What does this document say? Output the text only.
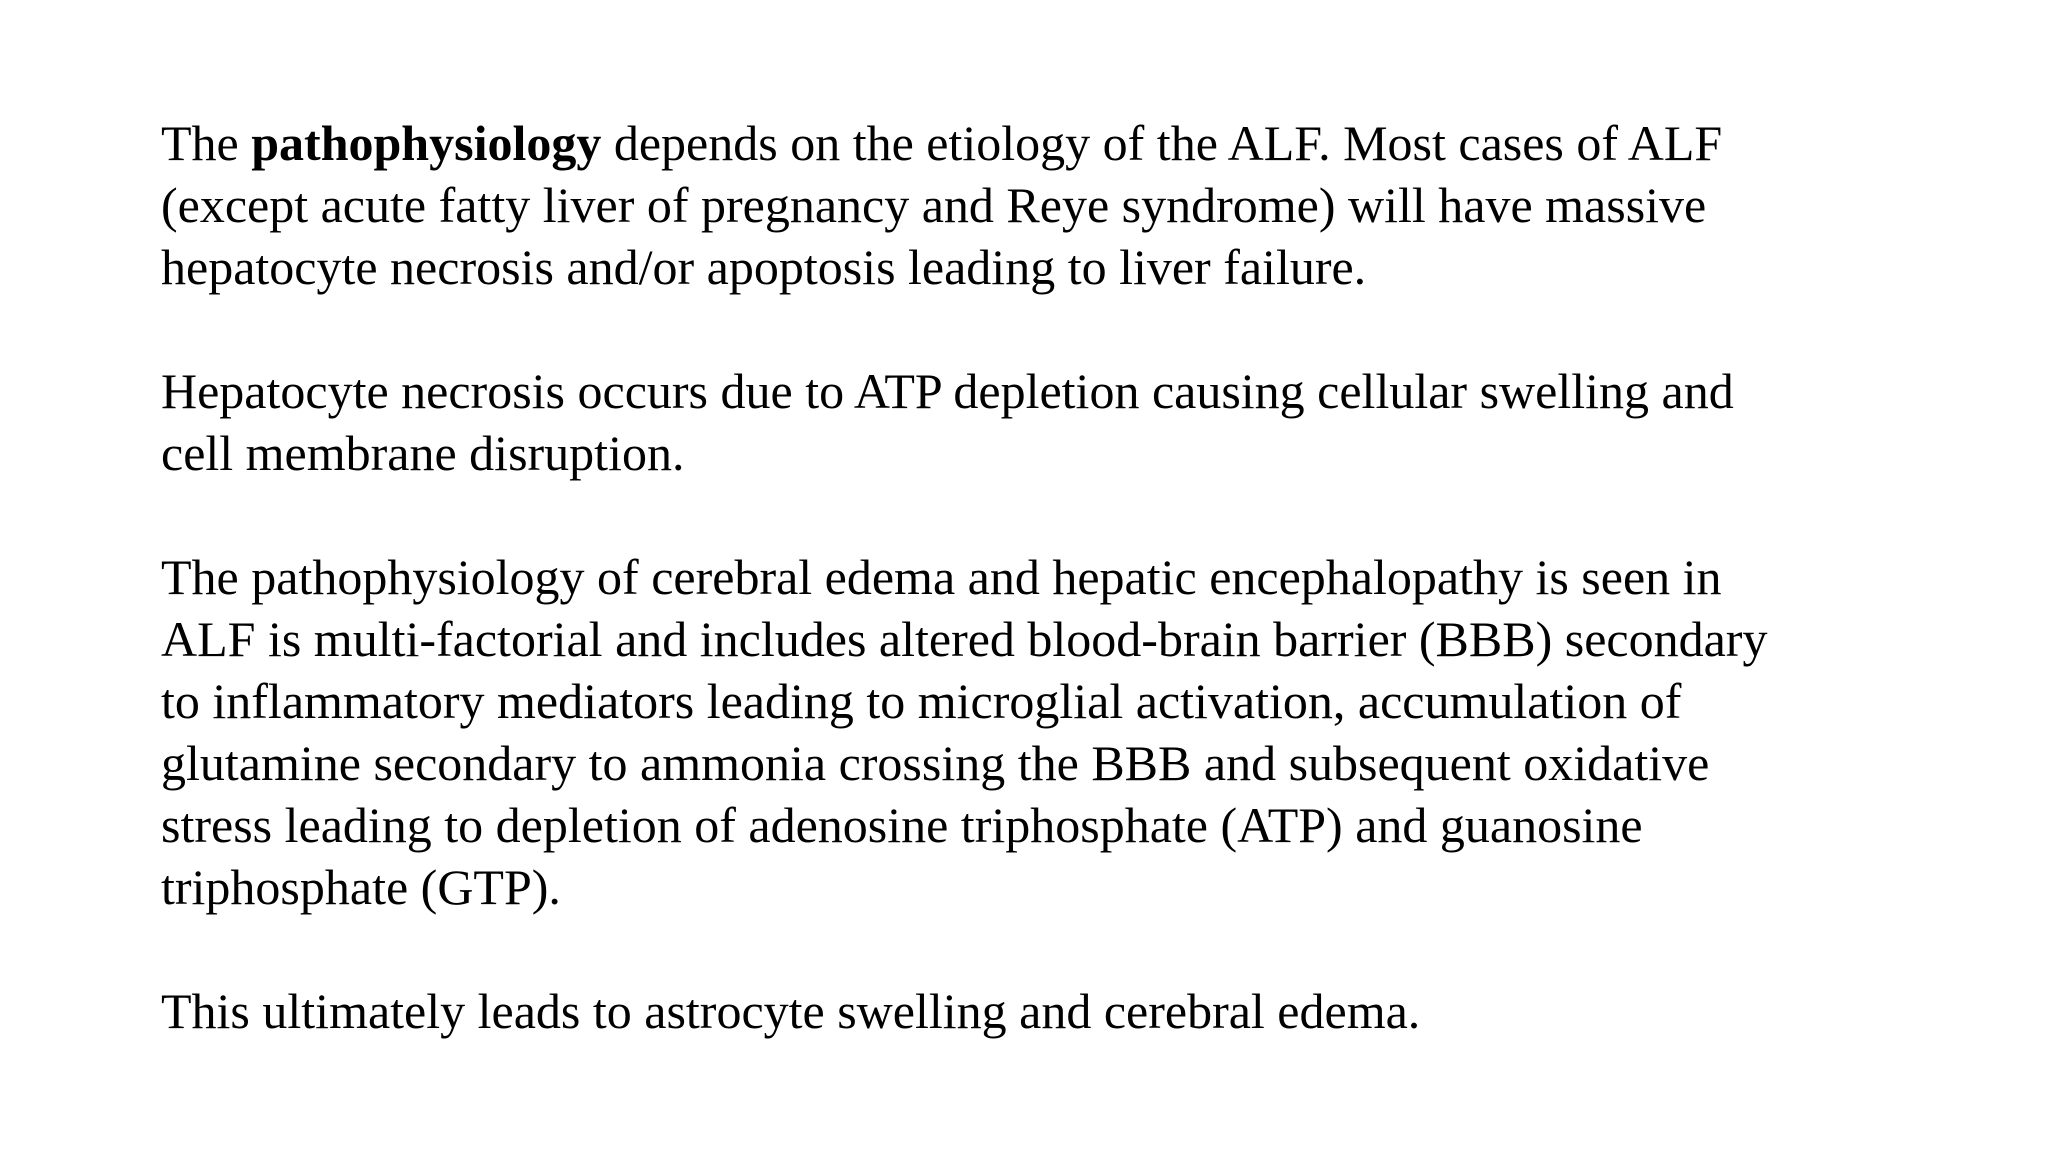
The pathophysiology depends on the etiology of the ALF. Most cases of ALF
(except acute fatty liver of pregnancy and Reye syndrome) will have massive
hepatocyte necrosis and/or apoptosis leading to liver failure.

Hepatocyte necrosis occurs due to ATP depletion causing cellular swelling and
cell membrane disruption.

The pathophysiology of cerebral edema and hepatic encephalopathy is seen in
ALF is multi-factorial and includes altered blood-brain barrier (BBB) secondary
to inflammatory mediators leading to microglial activation, accumulation of
glutamine secondary to ammonia crossing the BBB and subsequent oxidative
stress leading to depletion of adenosine triphosphate (ATP) and guanosine
triphosphate (GTP).

This ultimately leads to astrocyte swelling and cerebral edema.
